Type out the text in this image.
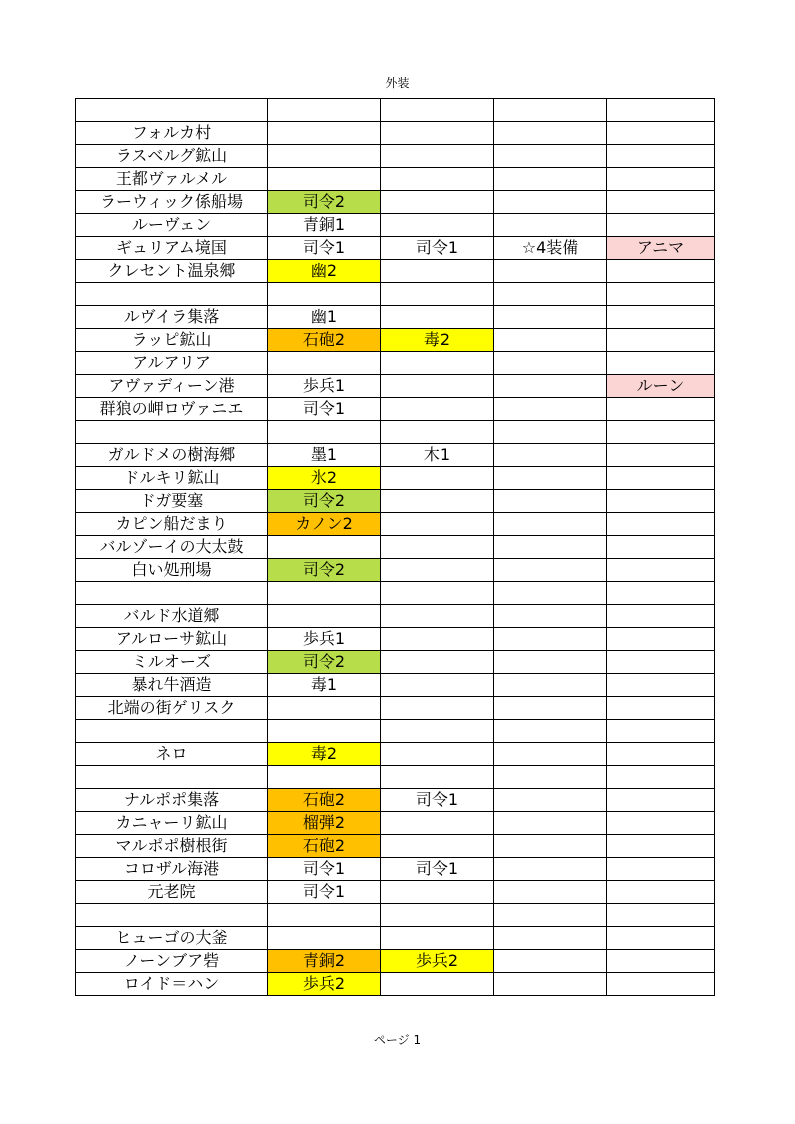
外装

フォルカ村				
ラスベルグ鉱山				
王都ヴァルメル				
ラーウィック係船場	司令2			
ルーヴェン	青銅1			
ギュリアム境国	司令1	司令1	☆4装備	アニマ
クレセント温泉郷	幽2			

ルヴイラ集落	幽1			
ラッピ鉱山	石砲2	毒2		
アルアリア				
アヴァディーン港	歩兵1			ルーン
群狼の岬ロヴァニエ	司令1			

ガルドメの樹海郷	墨1	木1		
ドルキリ鉱山	氷2			
ドガ要塞	司令2			
カピン船だまり	カノン2			
バルゾーイの大太鼓				
白い処刑場	司令2			

バルド水道郷				
アルローサ鉱山	歩兵1			
ミルオーズ	司令2			
暴れ牛酒造	毒1			
北端の街ゲリスク				

ネロ	毒2			

ナルポポ集落	石砲2	司令1		
カニャーリ鉱山	榴弾2			
マルポポ樹根街	石砲2			
コロザル海港	司令1	司令1		
元老院	司令1			

ヒューゴの大釜				
ノーンブア砦	青銅2	歩兵2		
ロイド＝ハン	歩兵2			
ページ 1
